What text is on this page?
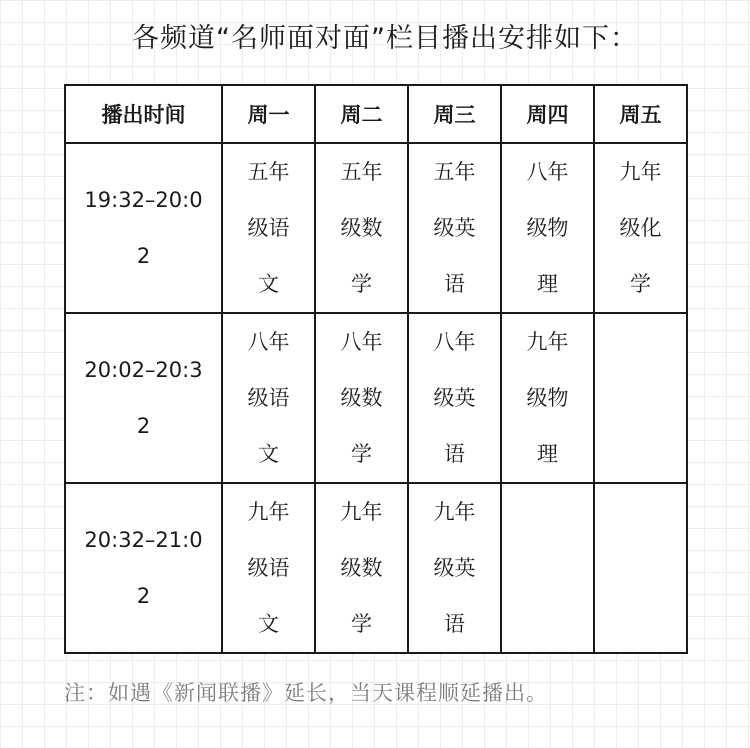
各频道“名师面对面”栏目播出安排如下：
播出时间	周一	周二	周三	周四	周五
19:32–20:02	五年级语文	五年级数学	五年级英语	八年级物理	九年级化学
20:02–20:32	八年级语文	八年级数学	八年级英语	九年级物理	
20:32–21:02	九年级语文	九年级数学	九年级英语		
注：如遇《新闻联播》延长，当天课程顺延播出。
